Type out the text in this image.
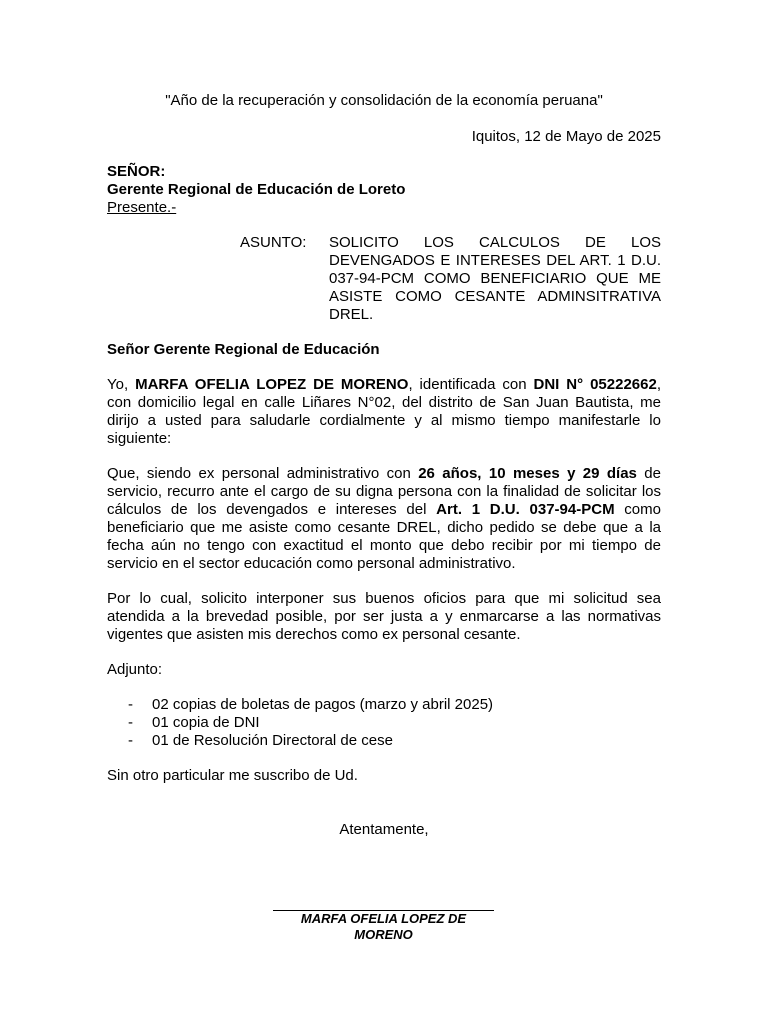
"Año de la recuperación y consolidación de la economía peruana"
Iquitos, 12 de Mayo de 2025
SEÑOR:
Gerente Regional de Educación de Loreto
Presente.-
ASUNTO:	SOLICITO LOS CALCULOS DE LOS DEVENGADOS E INTERESES DEL ART. 1 D.U. 037-94-PCM COMO BENEFICIARIO QUE ME ASISTE COMO CESANTE ADMINSITRATIVA DREL.
Señor Gerente Regional de Educación
Yo, MARFA OFELIA LOPEZ DE MORENO, identificada con DNI N° 05222662, con domicilio legal en calle Liñares N°02, del distrito de San Juan Bautista, me dirijo a usted para saludarle cordialmente y al mismo tiempo manifestarle lo siguiente:
Que, siendo ex personal administrativo con 26 años, 10 meses y 29 días de servicio, recurro ante el cargo de su digna persona con la finalidad de solicitar los cálculos de los devengados e intereses del Art. 1 D.U. 037-94-PCM como beneficiario que me asiste como cesante DREL, dicho pedido se debe que a la fecha aún no tengo con exactitud el monto que debo recibir por mi tiempo de servicio en el sector educación como personal administrativo.
Por lo cual, solicito interponer sus buenos oficios para que mi solicitud sea atendida a la brevedad posible, por ser justa a y enmarcarse a las normativas vigentes que asisten mis derechos como ex personal cesante.
Adjunto:
-	02 copias de boletas de pagos (marzo y abril 2025)
-	01 copia de DNI
-	01 de Resolución Directoral de cese
Sin otro particular me suscribo de Ud.
Atentamente,
MARFA OFELIA LOPEZ DE MORENO
